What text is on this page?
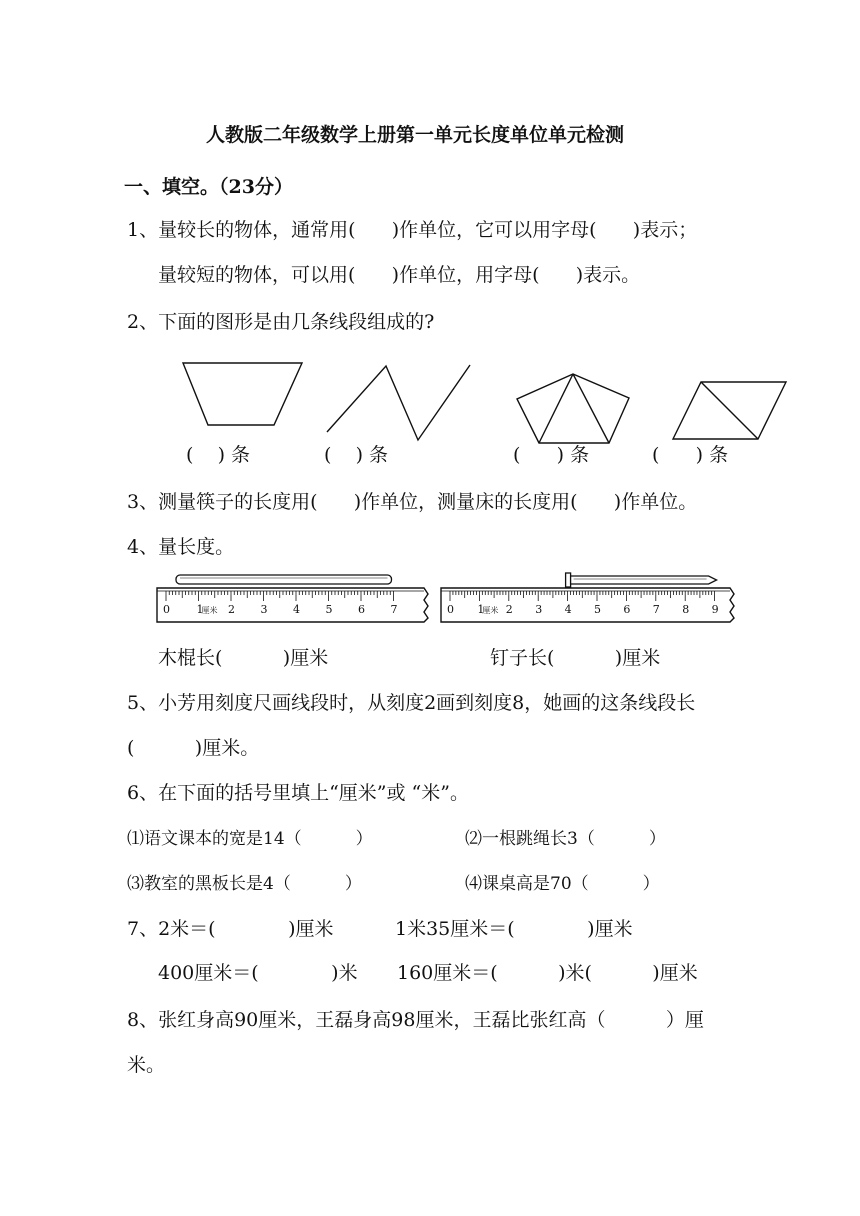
人教版二年级数学上册第一单元长度单位单元检测
一、填空。（23分）
1、量较长的物体，通常用(      )作单位，它可以用字母(      )表示；
量较短的物体，可以用(      )作单位，用字母(      )表示。
2、下面的图形是由几条线段组成的?
(    ) 条	(    ) 条	(      ) 条	(      ) 条
3、测量筷子的长度用(      )作单位，测量床的长度用(      )作单位。
4、量长度。
0 1 2 3 4 5 6 7
厘米	0 1 2 3 4 5 6 7 8 9
厘米
木棍长(          )厘米	钉子长(          )厘米
5、小芳用刻度尺画线段时，从刻度2画到刻度8，她画的这条线段长
(          )厘米。
6、在下面的括号里填上“厘米”或 “米”。
⑴语文课本的宽是14（          ）	⑵一根跳绳长3（          ）
⑶教室的黑板长是4（          ）	⑷课桌高是70（          ）
7、2米＝(            )厘米	1米35厘米＝(            )厘米
400厘米＝(            )米 160厘米＝(          )米(          )厘米
8、张红身高90厘米，王磊身高98厘米，王磊比张红高（          ）厘
米。
